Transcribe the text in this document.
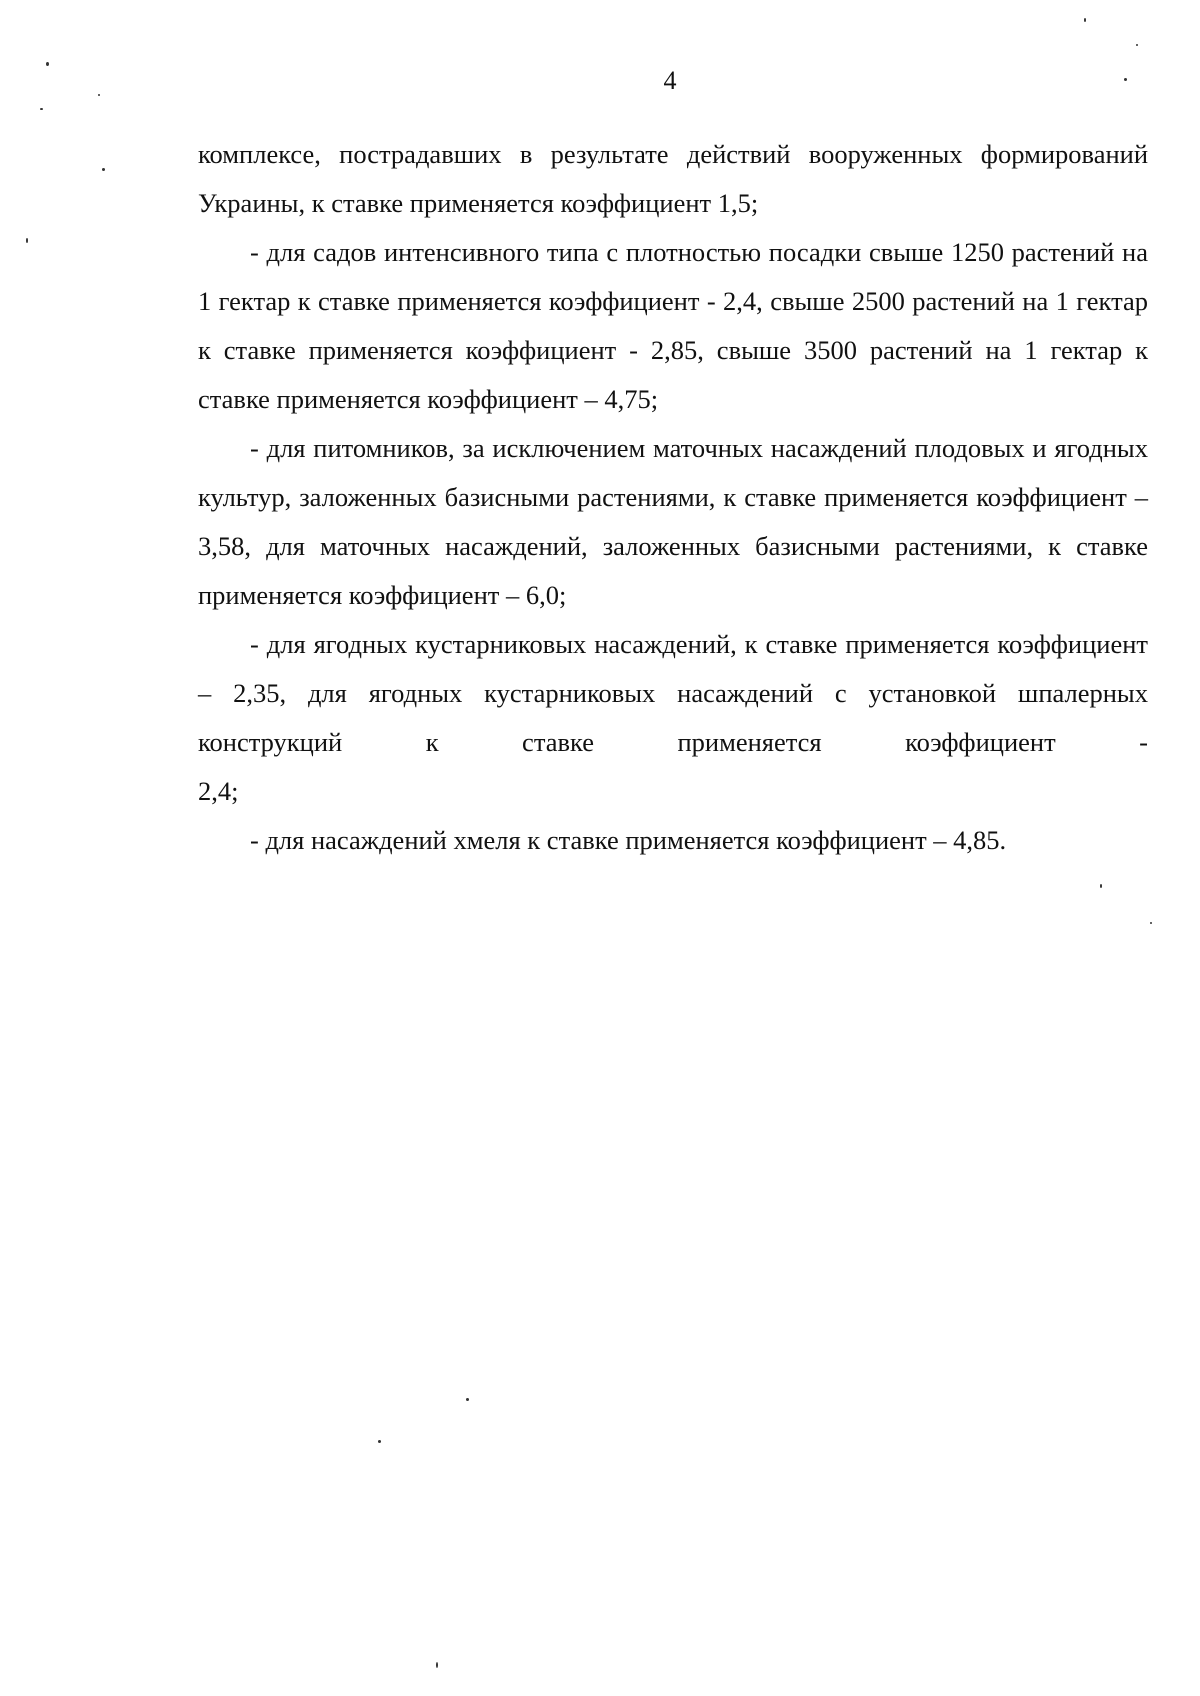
4

комплексе, пострадавших в результате действий вооруженных формирований Украины, к ставке применяется коэффициент 1,5;

- для садов интенсивного типа с плотностью посадки свыше 1250 растений на 1 гектар к ставке применяется коэффициент - 2,4, свыше 2500 растений на 1 гектар к ставке применяется коэффициент - 2,85, свыше 3500 растений на 1 гектар к ставке применяется коэффициент – 4,75;

- для питомников, за исключением маточных насаждений плодовых и ягодных культур, заложенных базисными растениями, к ставке применяется коэффициент – 3,58, для маточных насаждений, заложенных базисными растениями, к ставке применяется коэффициент – 6,0;

- для ягодных кустарниковых насаждений, к ставке применяется коэффициент – 2,35, для ягодных кустарниковых насаждений с установкой шпалерных конструкций к ставке применяется коэффициент -

2,4;

- для насаждений хмеля к ставке применяется коэффициент – 4,85.
